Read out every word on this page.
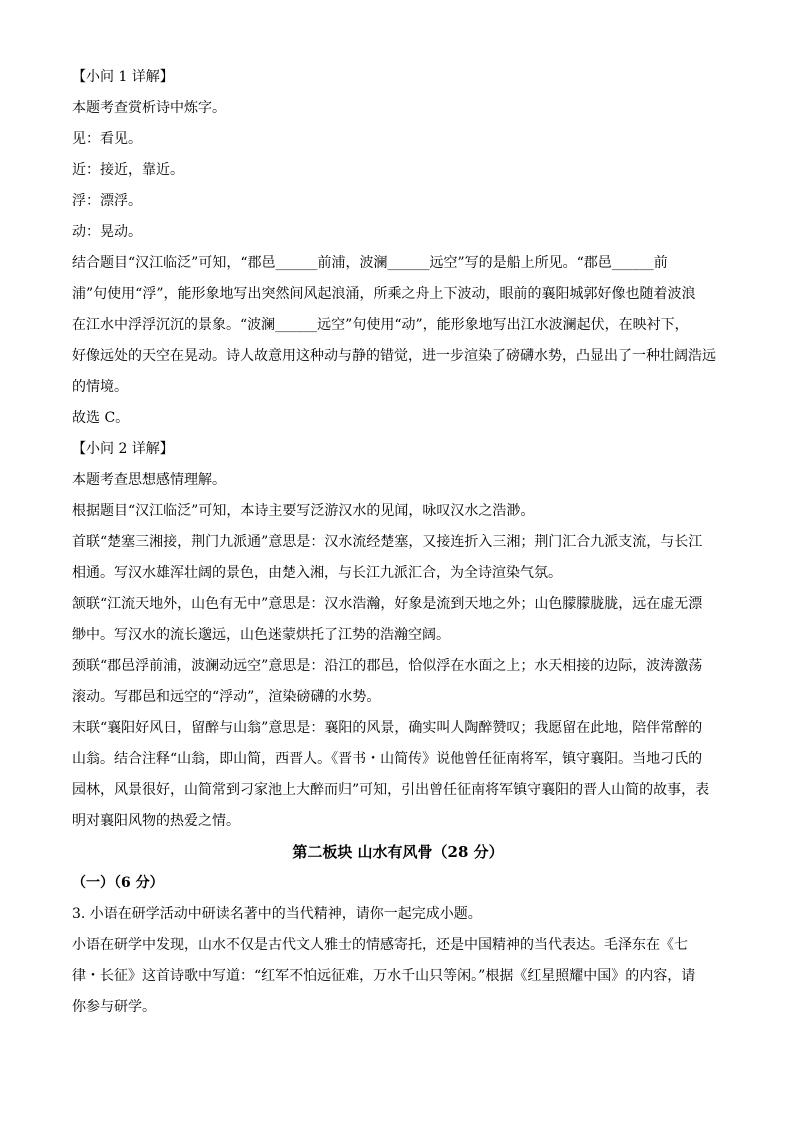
【小问 1 详解】
本题考查赏析诗中炼字。
见：看见。
近：接近，靠近。
浮：漂浮。
动：晃动。
结合题目“汉江临泛”可知，“郡邑______前浦，波澜______远空”写的是船上所见。“郡邑______前
浦”句使用“浮”，能形象地写出突然间风起浪涌，所乘之舟上下波动，眼前的襄阳城郭好像也随着波浪
在江水中浮浮沉沉的景象。“波澜______远空”句使用“动”，能形象地写出江水波澜起伏，在映衬下，
好像远处的天空在晃动。诗人故意用这种动与静的错觉，进一步渲染了磅礴水势，凸显出了一种壮阔浩远
的情境。
故选 C。
【小问 2 详解】
本题考查思想感情理解。
根据题目“汉江临泛”可知，本诗主要写泛游汉水的见闻，咏叹汉水之浩渺。
首联“楚塞三湘接，荆门九派通”意思是：汉水流经楚塞，又接连折入三湘；荆门汇合九派支流，与长江
相通。写汉水雄浑壮阔的景色，由楚入湘，与长江九派汇合，为全诗渲染气氛。
颔联“江流天地外，山色有无中”意思是：汉水浩瀚，好象是流到天地之外；山色朦朦胧胧，远在虚无漂
缈中。写汉水的流长邈远，山色迷蒙烘托了江势的浩瀚空阔。
颈联“郡邑浮前浦，波澜动远空”意思是：沿江的郡邑，恰似浮在水面之上；水天相接的边际，波涛激荡
滚动。写郡邑和远空的“浮动”，渲染磅礴的水势。
末联“襄阳好风日，留醉与山翁”意思是：襄阳的风景，确实叫人陶醉赞叹；我愿留在此地，陪伴常醉的
山翁。结合注释“山翁，即山简，西晋人。《晋书・山简传》说他曾任征南将军，镇守襄阳。当地刁氏的
园林，风景很好，山简常到刁家池上大醉而归”可知，引出曾任征南将军镇守襄阳的晋人山简的故事，表
明对襄阳风物的热爱之情。
第二板块 山水有风骨（28 分）
（一）（6 分）
3. 小语在研学活动中研读名著中的当代精神，请你一起完成小题。
小语在研学中发现，山水不仅是古代文人雅士的情感寄托，还是中国精神的当代表达。毛泽东在《七
律・长征》这首诗歌中写道：“红军不怕远征难，万水千山只等闲。”根据《红星照耀中国》的内容，请
你参与研学。
